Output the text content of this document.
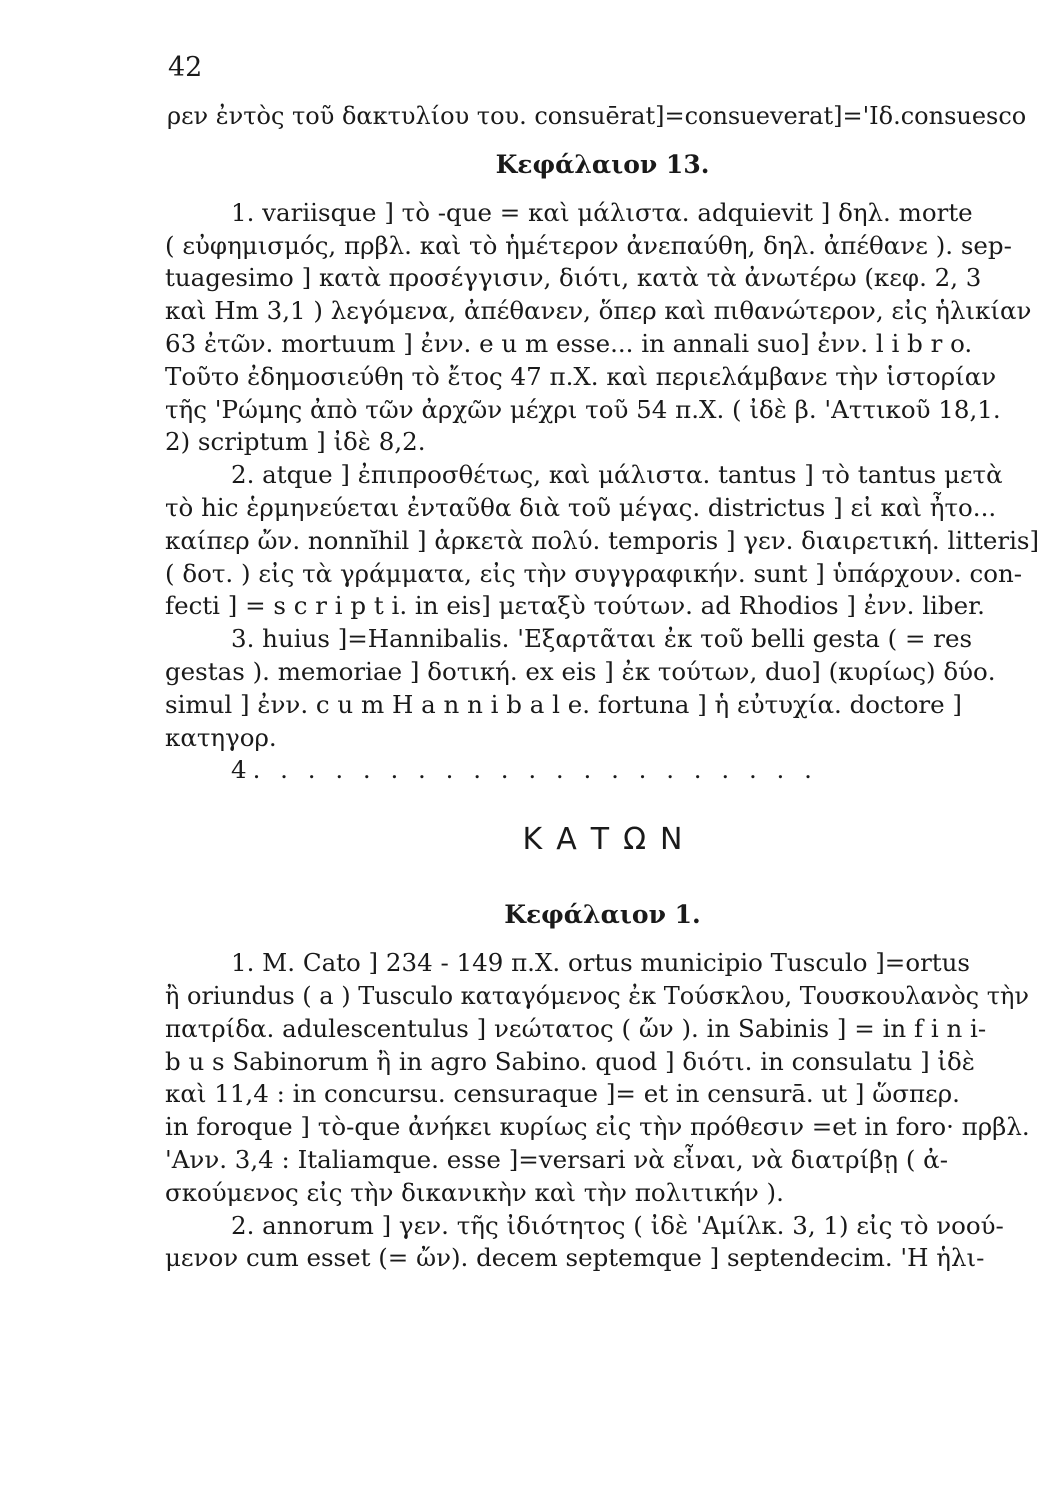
42
ρεν ἐντὸς τοῦ δακτυλίου του. consuērat]=consueverat]='Ιδ.consuesco
Κεφάλαιον 13.
1. variisque ] τὸ -que = καὶ μάλιστα. adquievit ] δηλ. morte
( εὐφημισμός, πρβλ. καὶ τὸ ἡμέτερον ἀνεπαύθη, δηλ. ἀπέθανε ). sep-
tuagesimo ] κατὰ προσέγγισιν, διότι, κατὰ τὰ ἀνωτέρω (κεφ. 2, 3
καὶ Hm 3,1 ) λεγόμενα, ἀπέθανεν, ὅπερ καὶ πιθανώτερον, εἰς ἡλικίαν
63 ἐτῶν. mortuum ] ἐνν. e u m esse... in annali suo] ἐνν. l i b r o.
Τοῦτο ἐδημοσιεύθη τὸ ἔτος 47 π.Χ. καὶ περιελάμβανε τὴν ἱστορίαν
τῆς 'Ρώμης ἀπὸ τῶν ἀρχῶν μέχρι τοῦ 54 π.Χ. ( ἰδὲ β. 'Αττικοῦ 18,1.
2) scriptum ] ἰδὲ 8,2.
2. atque ] ἐπιπροσθέτως, καὶ μάλιστα. tantus ] τὸ tantus μετὰ
τὸ hic ἑρμηνεύεται ἐνταῦθα διὰ τοῦ μέγας. districtus ] εἰ καὶ ἦτο...
καίπερ ὤν. nonnĭhil ] ἀρκετὰ πολύ. temporis ] γεν. διαιρετική. litteris]
( δοτ. ) εἰς τὰ γράμματα, εἰς τὴν συγγραφικήν. sunt ] ὑπάρχουν. con-
fecti ] = s c r i p t i. in eis] μεταξὺ τούτων. ad Rhodios ] ἐνν. liber.
3. huius ]=Hannibalis. 'Εξαρτᾶται ἐκ τοῦ belli gesta ( = res
gestas ). memoriae ] δοτική. ex eis ] ἐκ τούτων, duo] (κυρίως) δύο.
simul ] ἐνν. c u m H a n n i b a l e. fortuna ] ἡ εὐτυχία. doctore ]
κατηγορ.
4. . . . . . . . . . . . . . . . . . . . .
ΚΑΤΩΝ
Κεφάλαιον 1.
1. M. Cato ] 234 - 149 π.Χ. ortus municipio Tusculo ]=ortus
ἢ oriundus ( a ) Tusculo καταγόμενος ἐκ Τούσκλου, Τουσκουλανὸς τὴν
πατρίδα. adulescentulus ] νεώτατος ( ὤν ). in Sabinis ] = in f i n i-
b u s Sabinorum ἢ in agro Sabino. quod ] διότι. in consulatu ] ἰδὲ
καὶ 11,4 : in concursu. censuraque ]= et in censurā. ut ] ὥσπερ.
in foroque ] τὸ-que ἀνήκει κυρίως εἰς τὴν πρόθεσιν =et in foro· πρβλ.
'Ανν. 3,4 : Italiamque. esse ]=versari νὰ εἶναι, νὰ διατρίβῃ ( ἀ-
σκούμενος εἰς τὴν δικανικὴν καὶ τὴν πολιτικήν ).
2. annorum ] γεν. τῆς ἰδιότητος ( ἰδὲ 'Αμίλκ. 3, 1) εἰς τὸ νοού-
μενον cum esset (= ὤν). decem septemque ] septendecim. 'Η ἡλι-
